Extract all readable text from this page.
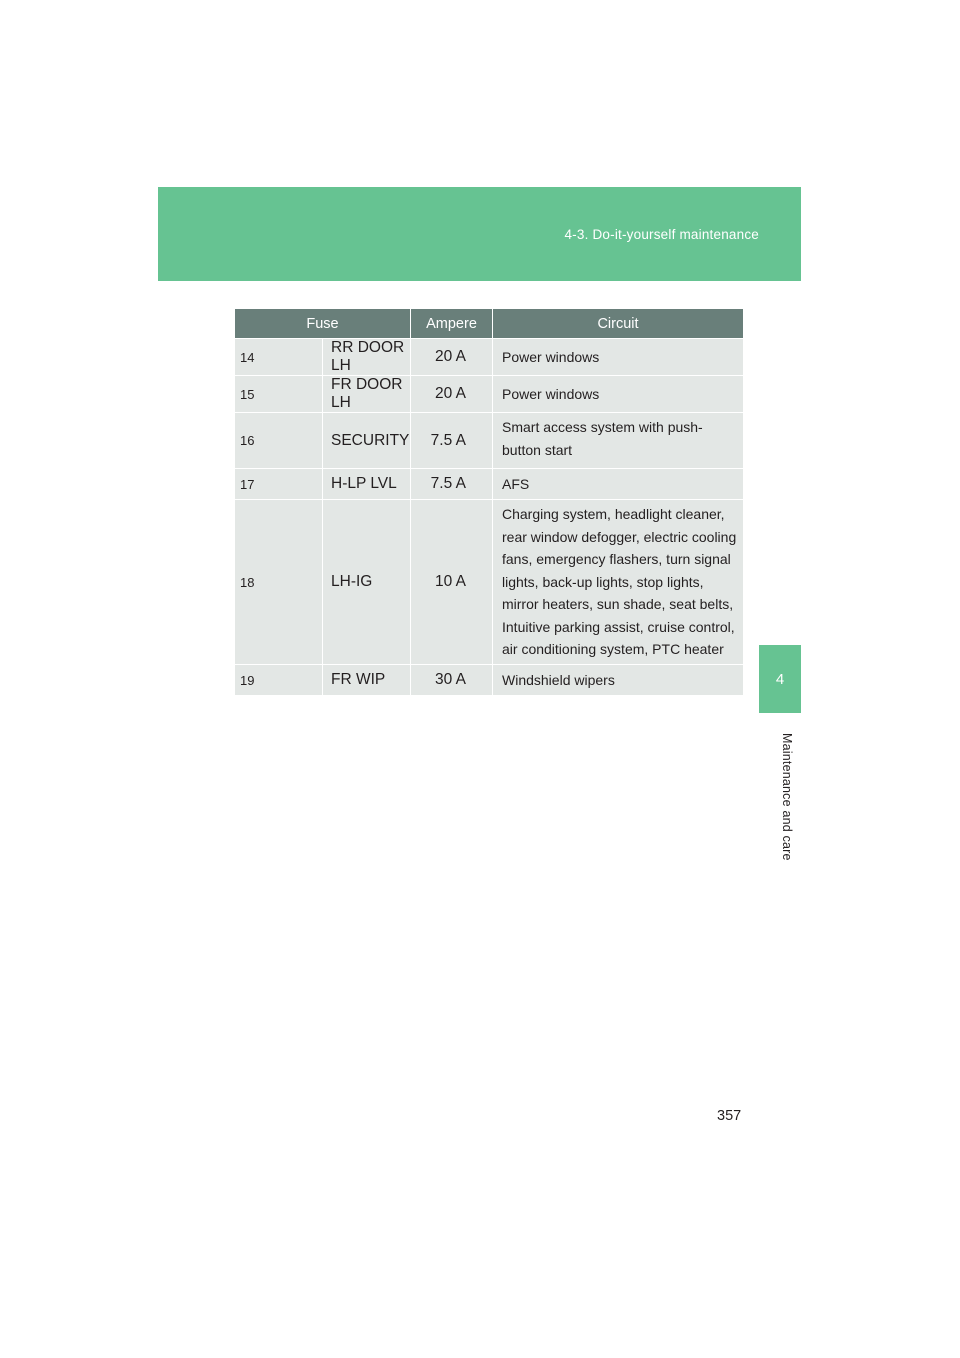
4-3. Do-it-yourself maintenance
4
Maintenance and care
Fuse		Ampere	Circuit
14	RR DOOR LH	20 A	Power windows
15	FR DOOR LH	20 A	Power windows
16	SECURITY	7.5 A	Smart access system with push-button start
17	H-LP LVL	7.5 A	AFS
18	LH-IG	10 A	Charging system, headlight cleaner, rear window defogger, electric cooling fans, emergency flashers, turn signal lights, back-up lights, stop lights, mirror heaters, sun shade, seat belts, Intuitive parking assist, cruise control, air conditioning system, PTC heater
19	FR WIP	30 A	Windshield wipers
357
